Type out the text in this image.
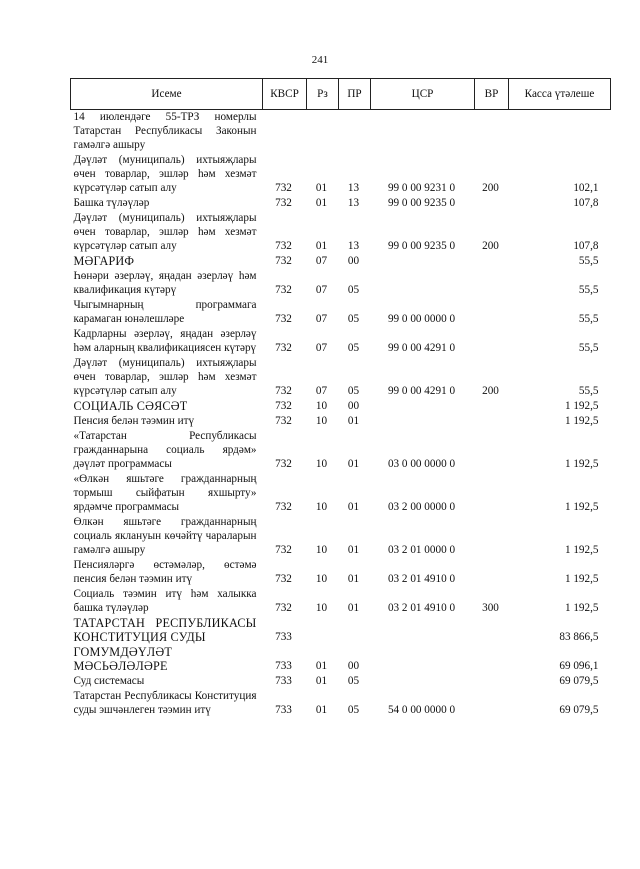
241
Исеме	КВСР	Рз	ПР	ЦСР	ВР	Касса үтәлеше
14 июлендәге 55-ТРЗ номерлы Татарстан Республикасы Законын гамәлгә ашыру						
Дәүләт (муниципаль) ихтыяҗлары өчен товарлар, эшләр һәм хезмәт күрсәтүләр сатып алу	732	01	13	99 0 00 9231 0	200	102,1
Башка түләүләр	732	01	13	99 0 00 9235 0		107,8
Дәүләт (муниципаль) ихтыяҗлары өчен товарлар, эшләр һәм хезмәт күрсәтүләр сатып алу	732	01	13	99 0 00 9235 0	200	107,8
МӘГАРИФ	732	07	00			55,5
Һөнәри әзерләү, яңадан әзерләү һәм квалификация күтәрү	732	07	05			55,5
Чыгымнарның программага карамаган юнәлешләре	732	07	05	99 0 00 0000 0		55,5
Кадрларны әзерләү, яңадан әзерләү һәм аларның квалификациясен күтәрү	732	07	05	99 0 00 4291 0		55,5
Дәүләт (муниципаль) ихтыяҗлары өчен товарлар, эшләр һәм хезмәт күрсәтүләр сатып алу	732	07	05	99 0 00 4291 0	200	55,5
СОЦИАЛЬ СӘЯСӘТ	732	10	00			1 192,5
Пенсия белән тәэмин итү	732	10	01			1 192,5
«Татарстан Республикасы гражданнарына социаль ярдәм» дәүләт программасы	732	10	01	03 0 00 0000 0		1 192,5
«Өлкән яшьтәге гражданнарның тормыш сыйфатын яхшырту» ярдәмче программасы	732	10	01	03 2 00 0000 0		1 192,5
Өлкән яшьтәге гражданнарның социаль яклануын көчәйтү чараларын гамәлгә ашыру	732	10	01	03 2 01 0000 0		1 192,5
Пенсияләргә өстәмәләр, өстәмә пенсия белән тәэмин итү	732	10	01	03 2 01 4910 0		1 192,5
Социаль тәэмин итү һәм халыкка башка түләүләр	732	10	01	03 2 01 4910 0	300	1 192,5
ТАТАРСТАН РЕСПУБЛИКАСЫ КОНСТИТУЦИЯ СУДЫ	733					83 866,5
ГОМУМДӘҮЛӘТ МӘСЬӘЛӘЛӘРЕ	733	01	00			69 096,1
Суд системасы	733	01	05			69 079,5
Татарстан Республикасы Конституция суды эшчәнлеген тәэмин итү	733	01	05	54 0 00 0000 0		69 079,5
